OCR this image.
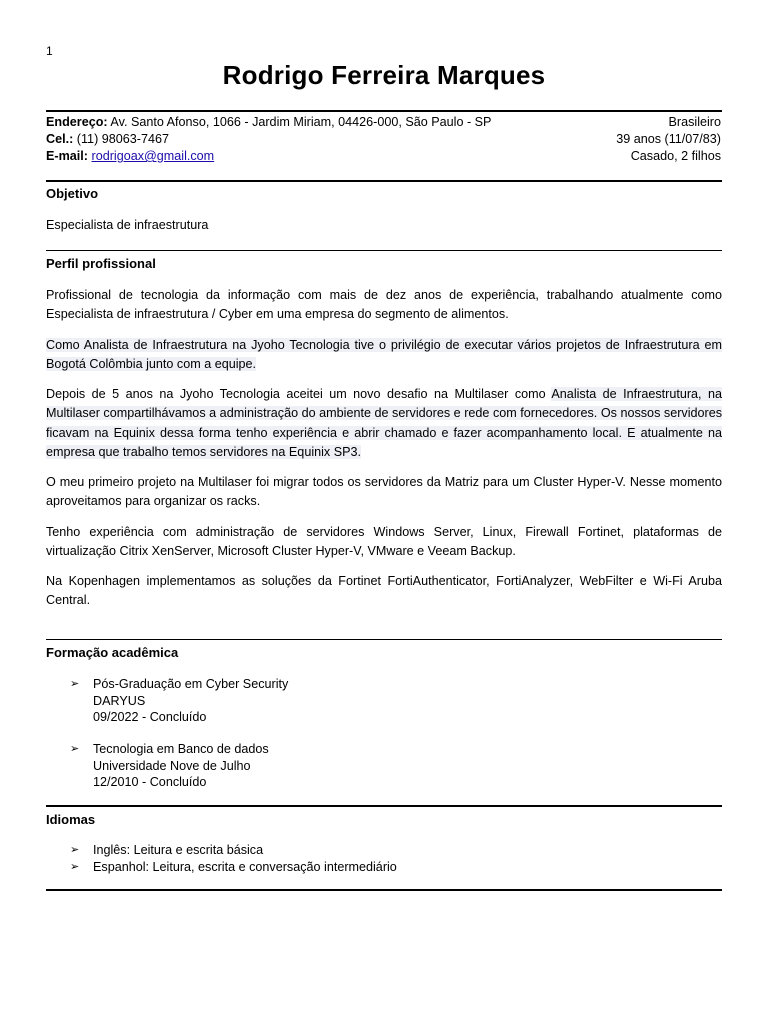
1
Rodrigo Ferreira Marques
Endereço: Av. Santo Afonso, 1066 - Jardim Miriam, 04426-000, São Paulo - SP
Cel.: (11) 98063-7467
E-mail: rodrigoax@gmail.com
Brasileiro
39 anos (11/07/83)
Casado, 2 filhos
Objetivo
Especialista de infraestrutura
Perfil profissional
Profissional de tecnologia da informação com mais de dez anos de experiência, trabalhando atualmente como Especialista de infraestrutura / Cyber em uma empresa do segmento de alimentos.
Como Analista de Infraestrutura na Jyoho Tecnologia tive o privilégio de executar vários projetos de Infraestrutura em Bogotá Colômbia junto com a equipe.
Depois de 5 anos na Jyoho Tecnologia aceitei um novo desafio na Multilaser como Analista de Infraestrutura, na Multilaser compartilhávamos a administração do ambiente de servidores e rede com fornecedores. Os nossos servidores ficavam na Equinix dessa forma tenho experiência e abrir chamado e fazer acompanhamento local. E atualmente na empresa que trabalho temos servidores na Equinix SP3.
O meu primeiro projeto na Multilaser foi migrar todos os servidores da Matriz para um Cluster Hyper-V. Nesse momento aproveitamos para organizar os racks.
Tenho experiência com administração de servidores Windows Server, Linux, Firewall Fortinet, plataformas de virtualização Citrix XenServer, Microsoft Cluster Hyper-V, VMware e Veeam Backup.
Na Kopenhagen implementamos as soluções da Fortinet FortiAuthenticator, FortiAnalyzer, WebFilter e Wi-Fi Aruba Central.
Formação acadêmica
➢ Pós-Graduação em Cyber Security
DARYUS
09/2022 - Concluído
➢ Tecnologia em Banco de dados
Universidade Nove de Julho
12/2010 - Concluído
Idiomas
➢ Inglês: Leitura e escrita básica
➢ Espanhol: Leitura, escrita e conversação intermediário
